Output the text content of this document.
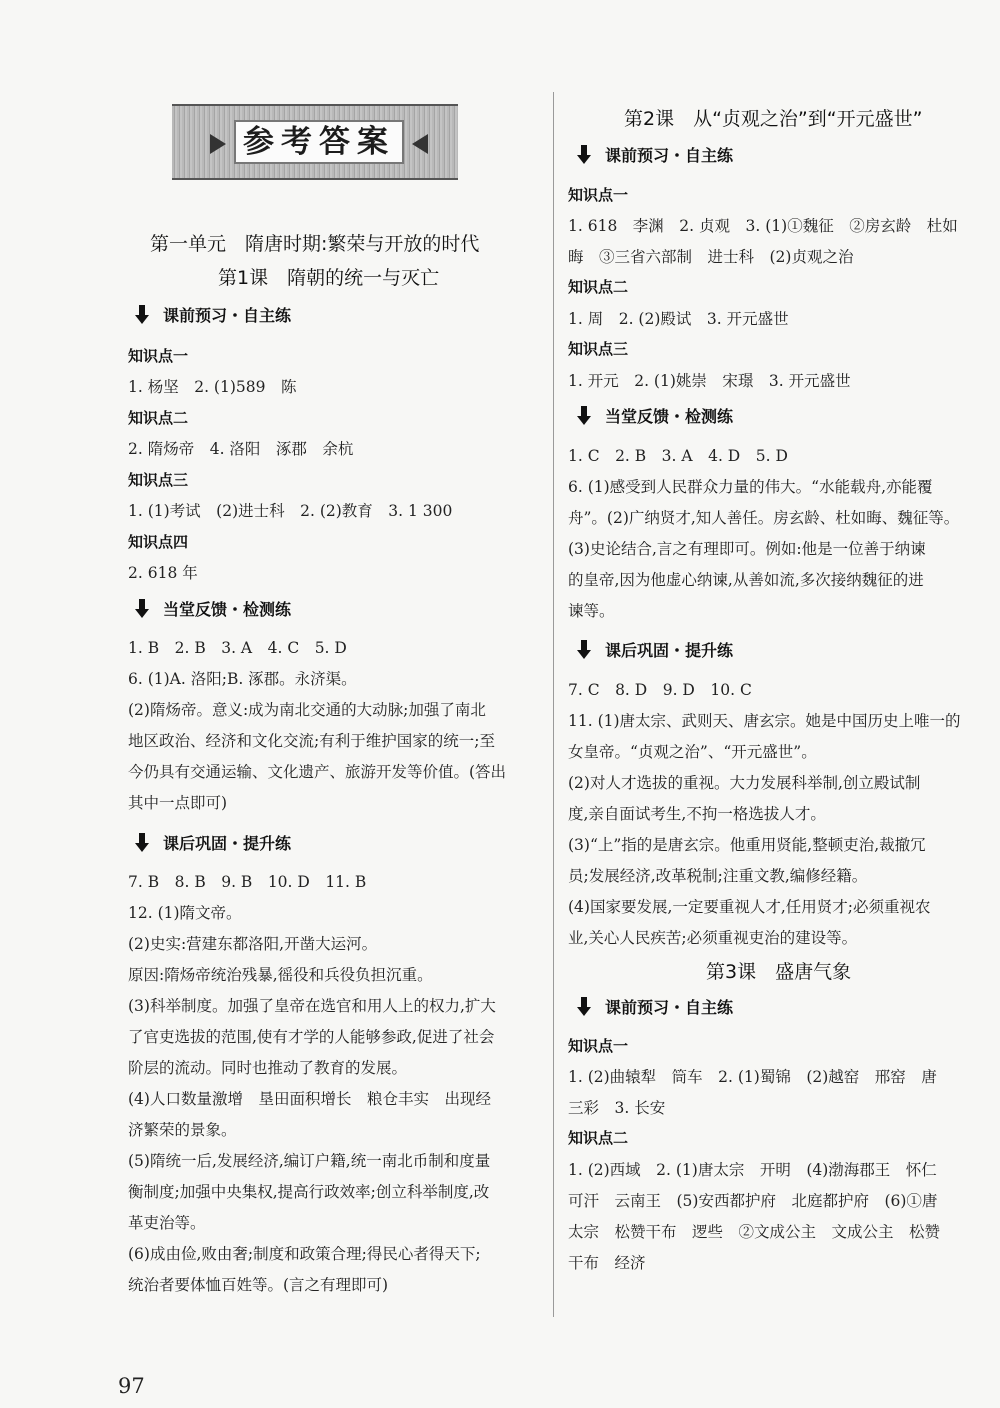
参考答案
第一单元　隋唐时期:繁荣与开放的时代
第1课　隋朝的统一与灭亡
课前预习・自主练
知识点一
1. 杨坚　2. (1)589　陈
知识点二
2. 隋炀帝　4. 洛阳　涿郡　余杭
知识点三
1. (1)考试　(2)进士科　2. (2)教育　3. 1 300
知识点四
2. 618 年
当堂反馈・检测练
1. B　2. B　3. A　4. C　5. D
6. (1)A. 洛阳;B. 涿郡。永济渠。
(2)隋炀帝。意义:成为南北交通的大动脉;加强了南北
地区政治、经济和文化交流;有利于维护国家的统一;至
今仍具有交通运输、文化遗产、旅游开发等价值。(答出
其中一点即可)
课后巩固・提升练
7. B　8. B　9. B　10. D　11. B
12. (1)隋文帝。
(2)史实:营建东都洛阳,开凿大运河。
原因:隋炀帝统治残暴,徭役和兵役负担沉重。
(3)科举制度。加强了皇帝在选官和用人上的权力,扩大
了官吏选拔的范围,使有才学的人能够参政,促进了社会
阶层的流动。同时也推动了教育的发展。
(4)人口数量激增　垦田面积增长　粮仓丰实　出现经
济繁荣的景象。
(5)隋统一后,发展经济,编订户籍,统一南北币制和度量
衡制度;加强中央集权,提高行政效率;创立科举制度,改
革吏治等。
(6)成由俭,败由奢;制度和政策合理;得民心者得天下;
统治者要体恤百姓等。(言之有理即可)
第2课　从“贞观之治”到“开元盛世”
课前预习・自主练
知识点一
1. 618　李渊　2. 贞观　3. (1)①魏征　②房玄龄　杜如
晦　③三省六部制　进士科　(2)贞观之治
知识点二
1. 周　2. (2)殿试　3. 开元盛世
知识点三
1. 开元　2. (1)姚崇　宋璟　3. 开元盛世
当堂反馈・检测练
1. C　2. B　3. A　4. D　5. D
6. (1)感受到人民群众力量的伟大。“水能载舟,亦能覆
舟”。(2)广纳贤才,知人善任。房玄龄、杜如晦、魏征等。
(3)史论结合,言之有理即可。例如:他是一位善于纳谏
的皇帝,因为他虚心纳谏,从善如流,多次接纳魏征的进
谏等。
课后巩固・提升练
7. C　8. D　9. D　10. C
11. (1)唐太宗、武则天、唐玄宗。她是中国历史上唯一的
女皇帝。“贞观之治”、“开元盛世”。
(2)对人才选拔的重视。大力发展科举制,创立殿试制
度,亲自面试考生,不拘一格选拔人才。
(3)“上”指的是唐玄宗。他重用贤能,整顿吏治,裁撤冗
员;发展经济,改革税制;注重文教,编修经籍。
(4)国家要发展,一定要重视人才,任用贤才;必须重视农
业,关心人民疾苦;必须重视吏治的建设等。
第3课　盛唐气象
课前预习・自主练
知识点一
1. (2)曲辕犁　筒车　2. (1)蜀锦　(2)越窑　邢窑　唐
三彩　3. 长安
知识点二
1. (2)西域　2. (1)唐太宗　开明　(4)渤海郡王　怀仁
可汗　云南王　(5)安西都护府　北庭都护府　(6)①唐
太宗　松赞干布　逻些　②文成公主　文成公主　松赞
干布　经济
97
